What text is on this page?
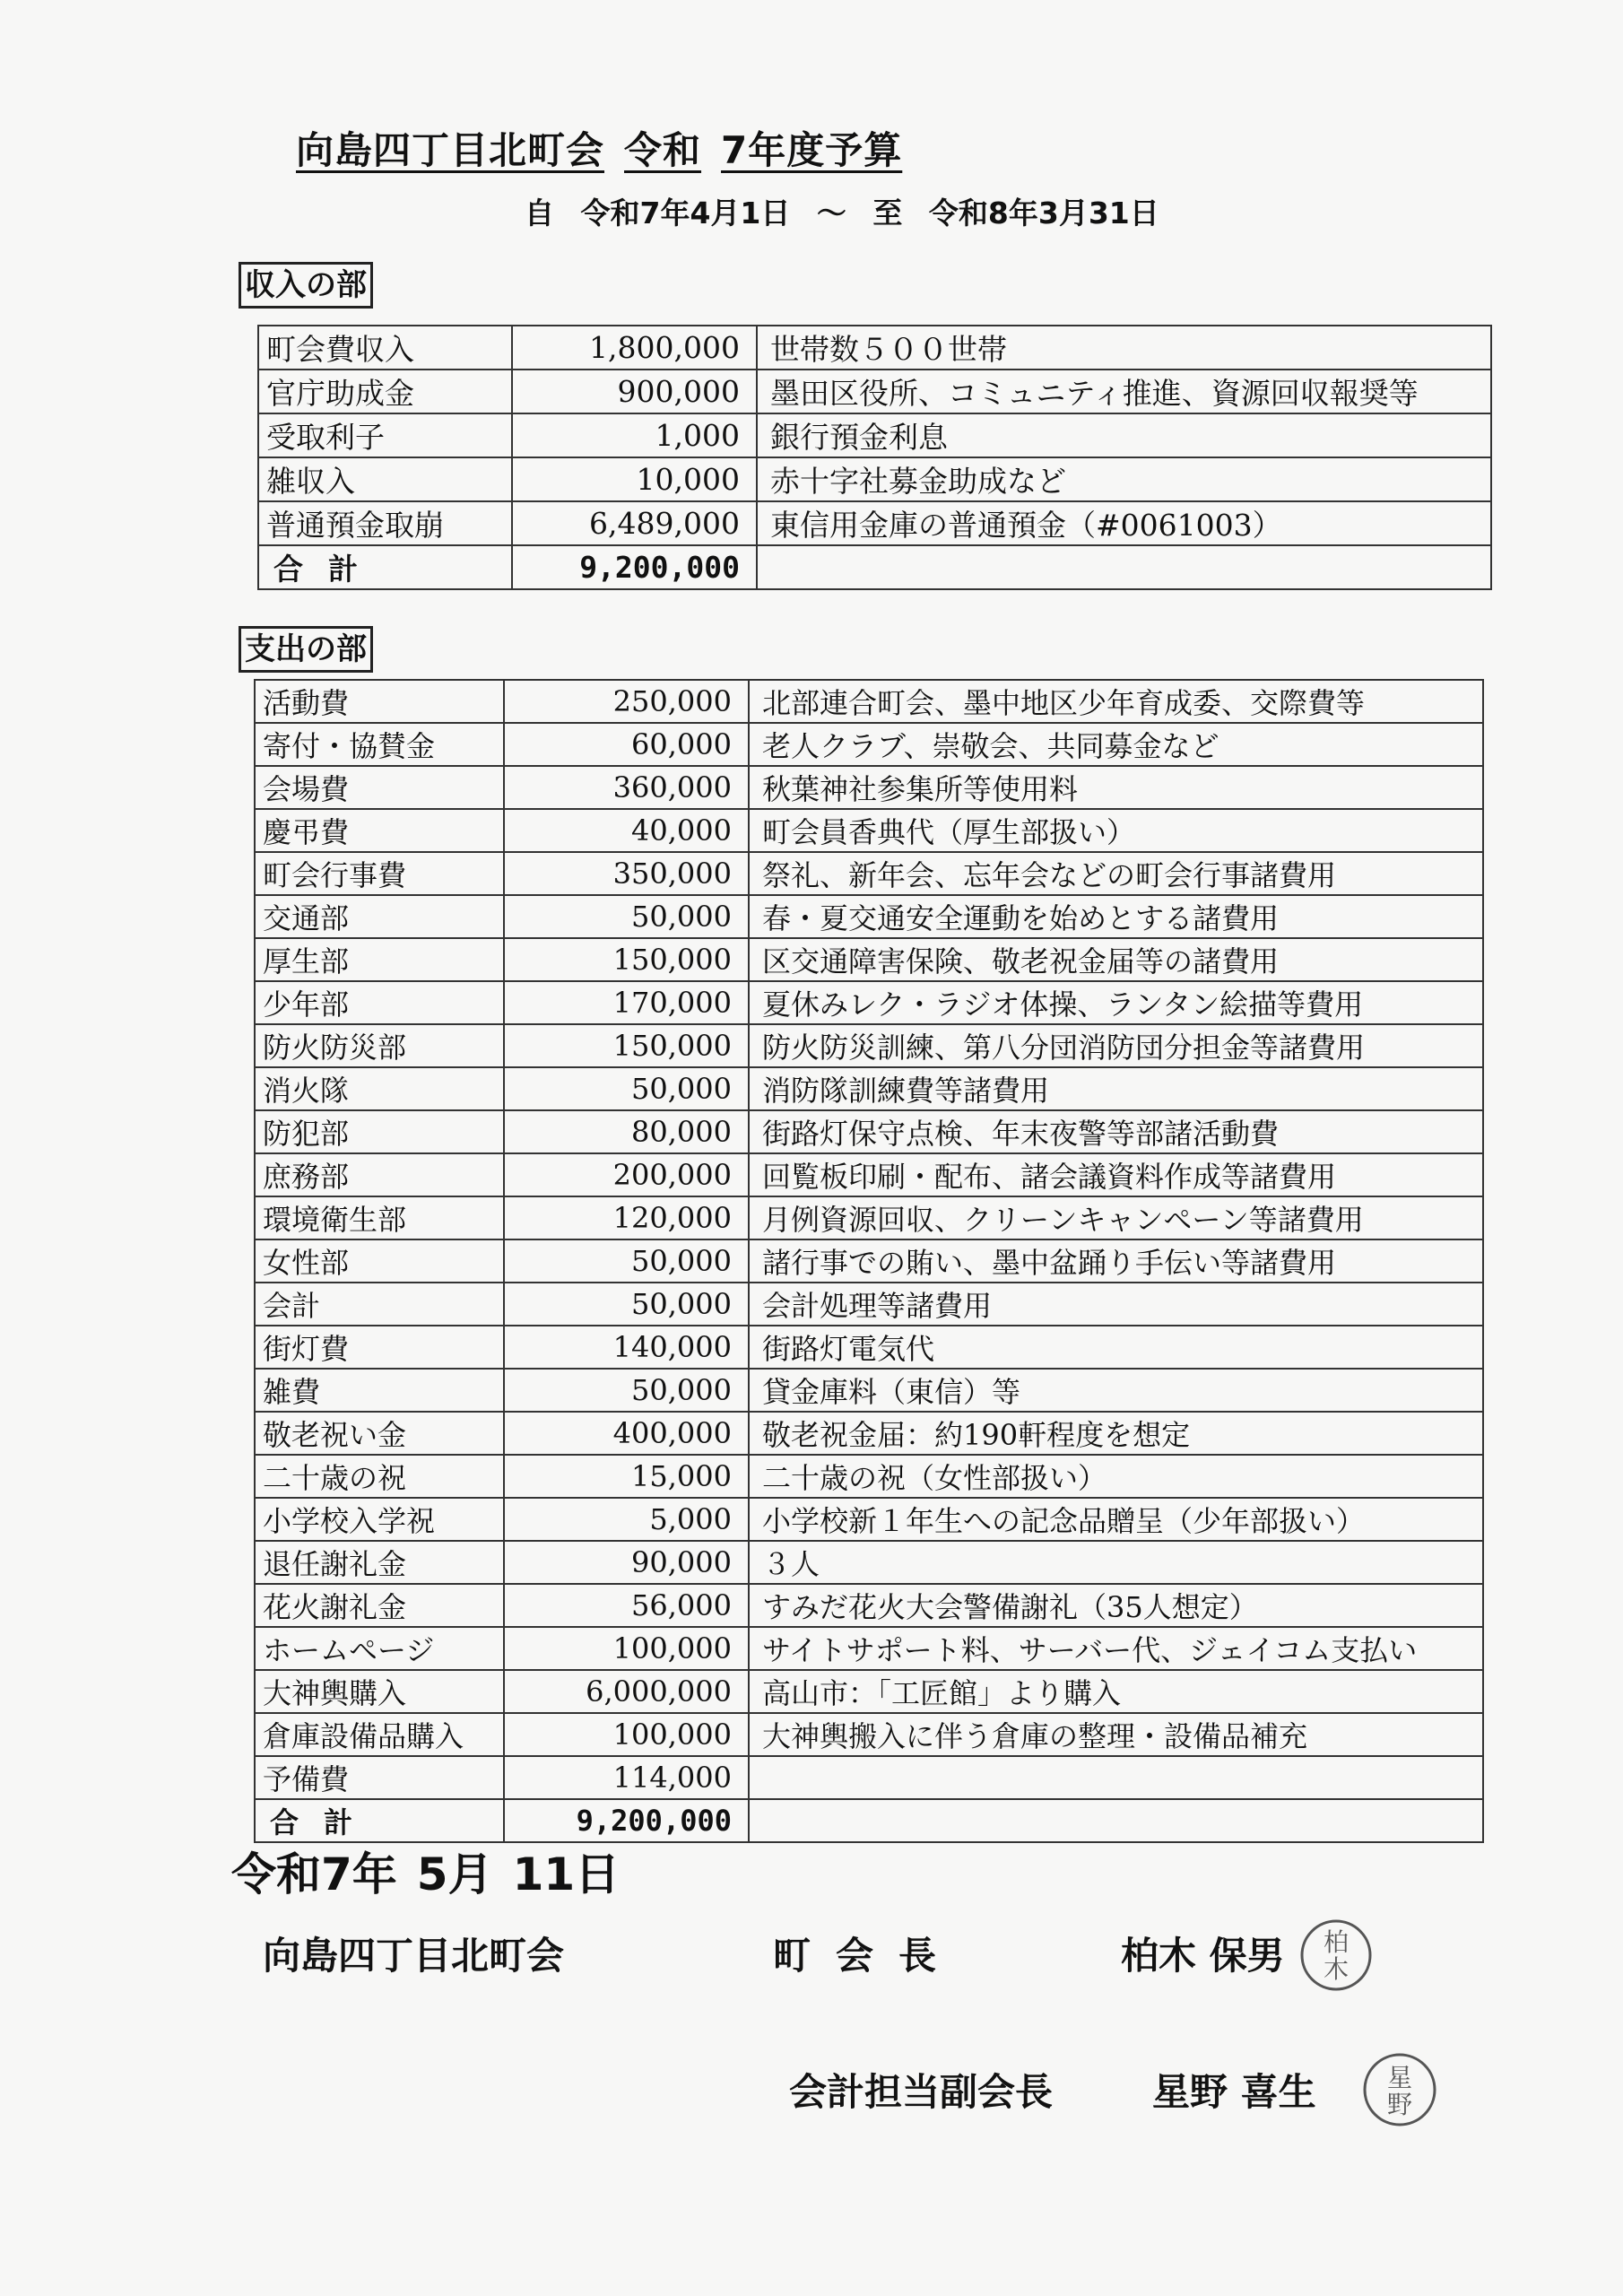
向島四丁目北町会 令和 7年度予算
自 令和7年4月1日 ～ 至 令和8年3月31日
収入の部
町会費収入	1,800,000	世帯数５００世帯
官庁助成金	900,000	墨田区役所、コミュニティ推進、資源回収報奨等
受取利子	1,000	銀行預金利息
雑収入	10,000	赤十字社募金助成など
普通預金取崩	6,489,000	東信用金庫の普通預金（#0061003）
合計	9,200,000	
支出の部
活動費	250,000	北部連合町会、墨中地区少年育成委、交際費等
寄付・協賛金	60,000	老人クラブ、崇敬会、共同募金など
会場費	360,000	秋葉神社参集所等使用料
慶弔費	40,000	町会員香典代（厚生部扱い）
町会行事費	350,000	祭礼、新年会、忘年会などの町会行事諸費用
交通部	50,000	春・夏交通安全運動を始めとする諸費用
厚生部	150,000	区交通障害保険、敬老祝金届等の諸費用
少年部	170,000	夏休みレク・ラジオ体操、ランタン絵描等費用
防火防災部	150,000	防火防災訓練、第八分団消防団分担金等諸費用
消火隊	50,000	消防隊訓練費等諸費用
防犯部	80,000	街路灯保守点検、年末夜警等部諸活動費
庶務部	200,000	回覧板印刷・配布、諸会議資料作成等諸費用
環境衛生部	120,000	月例資源回収、クリーンキャンペーン等諸費用
女性部	50,000	諸行事での賄い、墨中盆踊り手伝い等諸費用
会計	50,000	会計処理等諸費用
街灯費	140,000	街路灯電気代
雑費	50,000	貸金庫料（東信）等
敬老祝い金	400,000	敬老祝金届：約190軒程度を想定
二十歳の祝	15,000	二十歳の祝（女性部扱い）
小学校入学祝	5,000	小学校新１年生への記念品贈呈（少年部扱い）
退任謝礼金	90,000	３人
花火謝礼金	56,000	すみだ花火大会警備謝礼（35人想定）
ホームページ	100,000	サイトサポート料、サーバー代、ジェイコム支払い
大神輿購入	6,000,000	高山市：「工匠館」より購入
倉庫設備品購入	100,000	大神輿搬入に伴う倉庫の整理・設備品補充
予備費	114,000	
合計	9,200,000	
令和7年 5月 11日
向島四丁目北町会	町会長	柏木 保男 柏
木
会計担当副会長	星野 喜生	星
野
